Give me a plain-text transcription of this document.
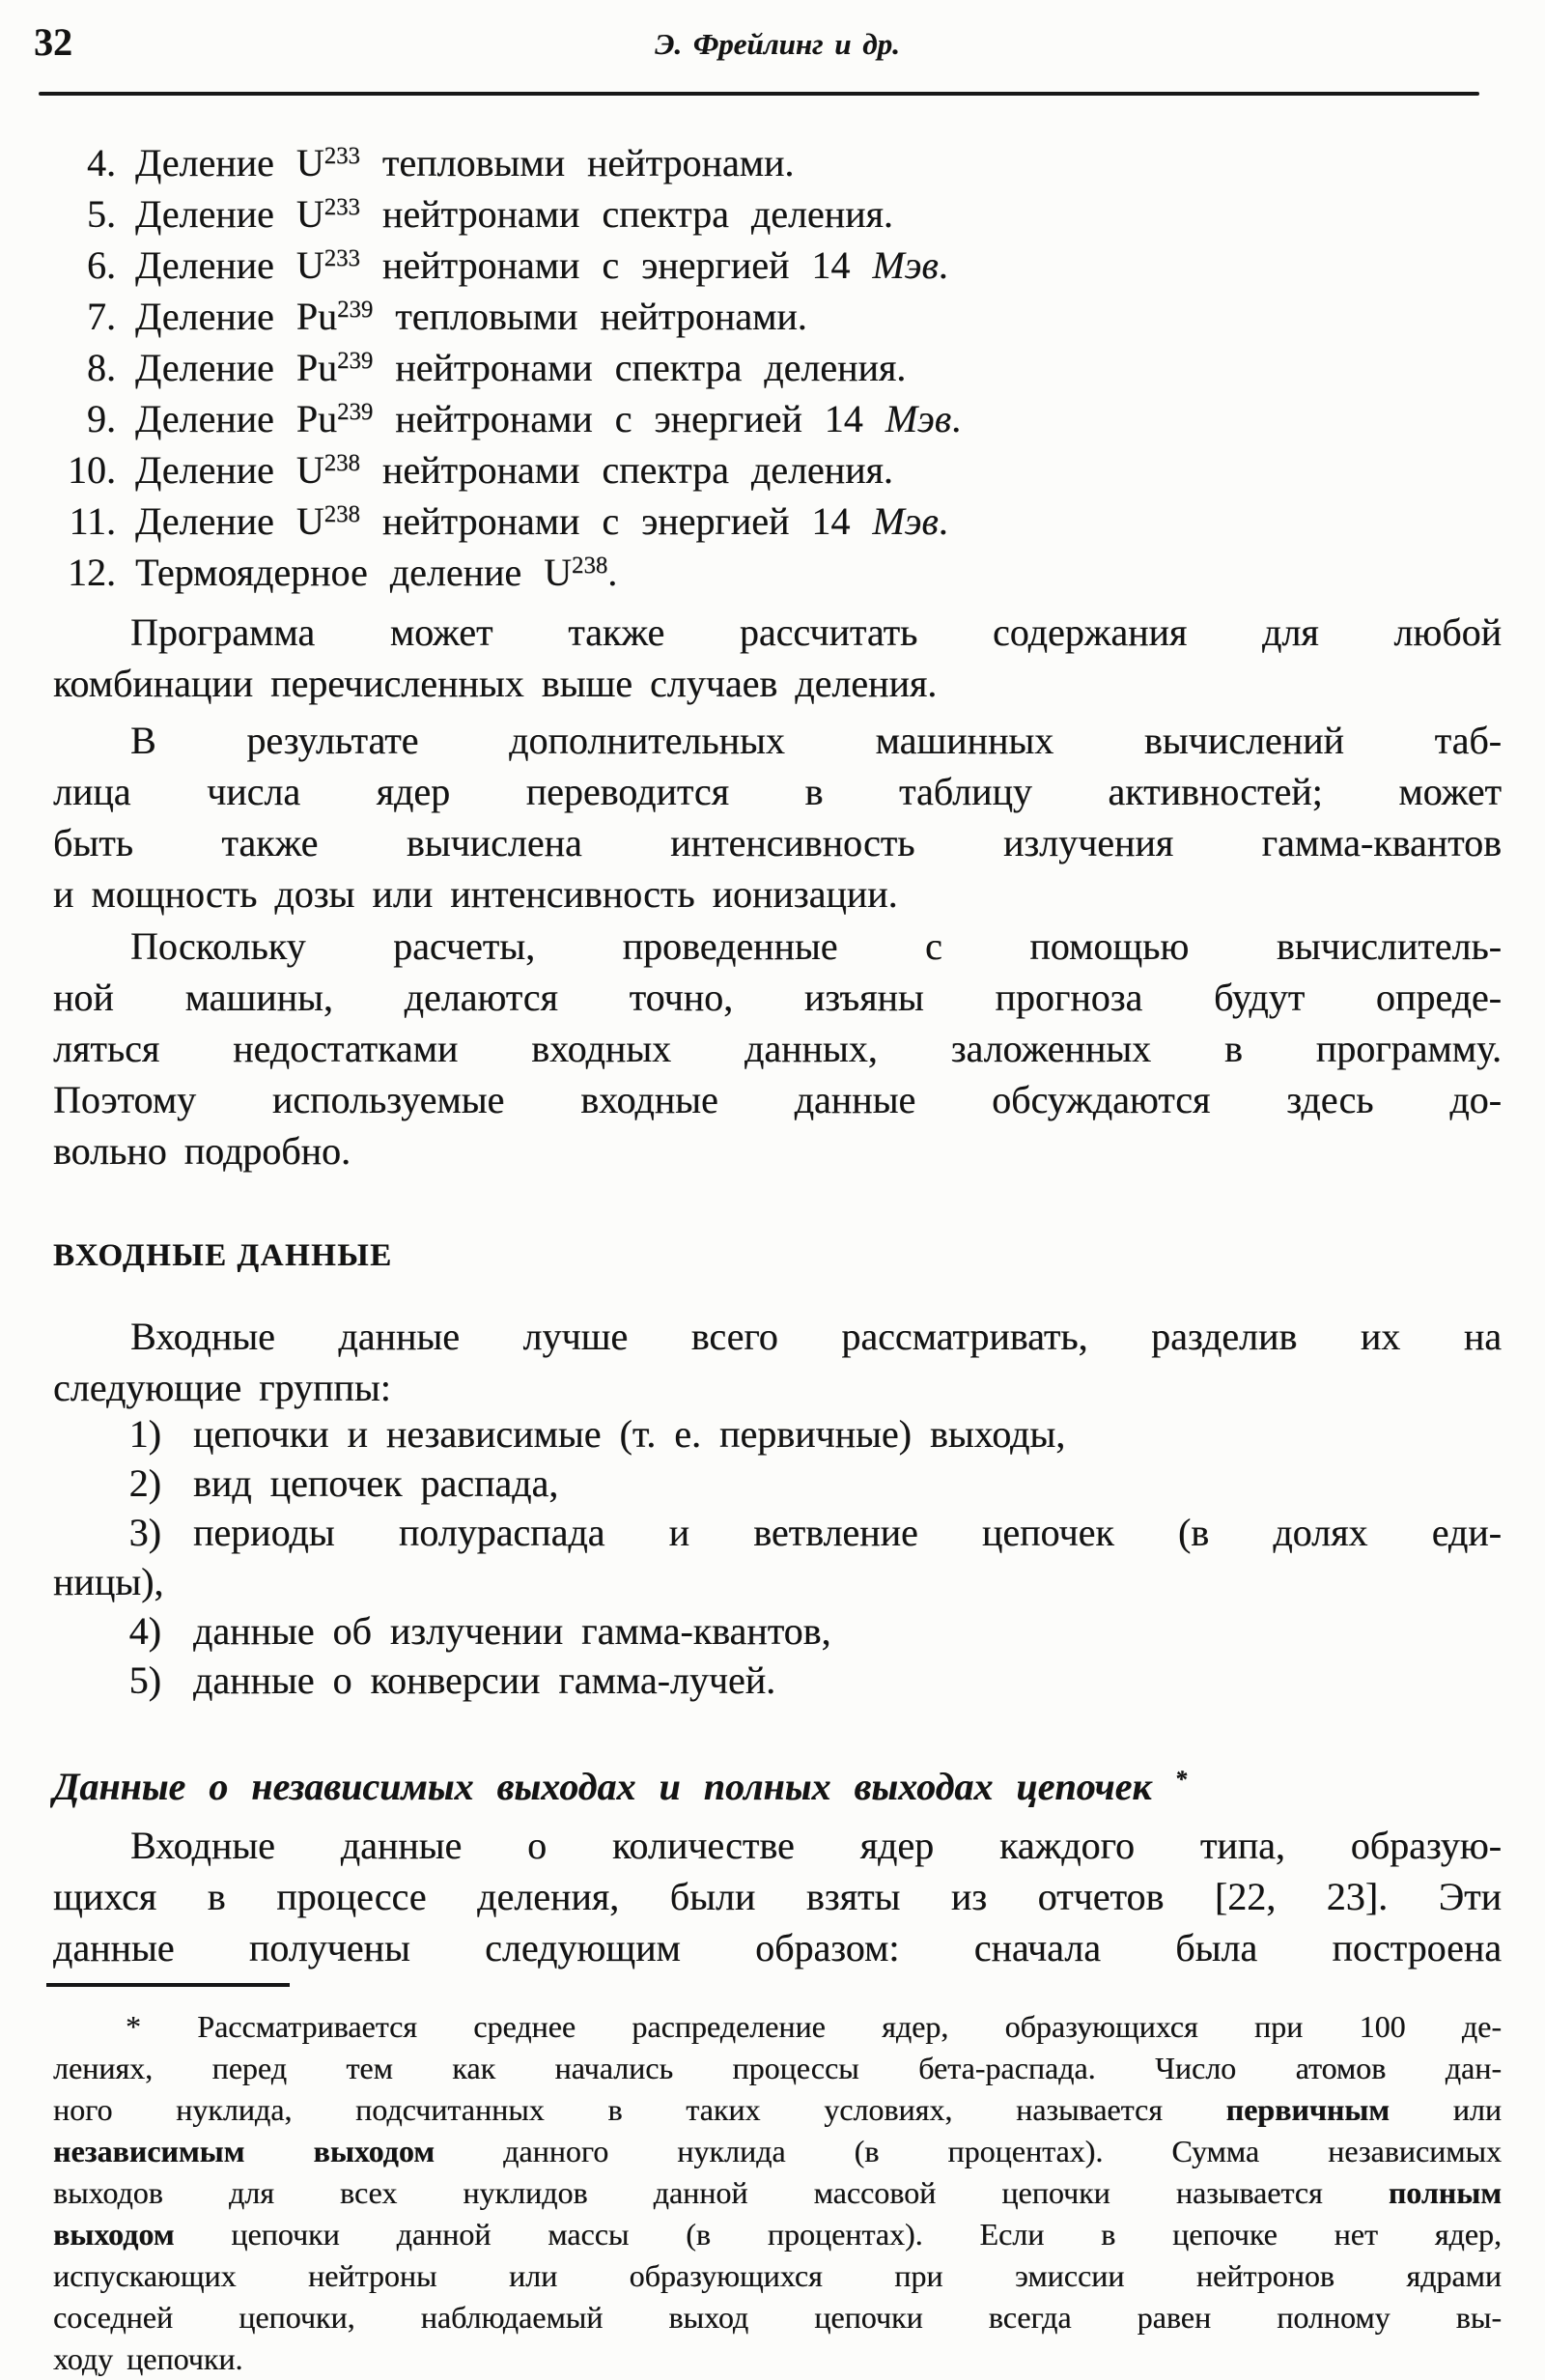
32	Э. Фрейлинг и др.
4. Деление $U^{233}$ тепловыми нейтронами.
5. Деление $U^{233}$ нейтронами спектра деления.
6. Деление $U^{233}$ нейтронами с энергией 14 Мэв.
7. Деление Pu$^{239}$ тепловыми нейтронами.
8. Деление Pu$^{239}$ нейтронами спектра деления.
9. Деление Pu$^{239}$ нейтронами с энергией 14 Мэв.
10. Деление $U^{238}$ нейтронами спектра деления.
11. Деление $U^{238}$ нейтронами с энергией 14 Мэв.
12. Термоядерное деление $U^{238}$.
Программа может также рассчитать содержания для любой
комбинации перечисленных выше случаев деления.
В результате дополнительных машинных вычислений таб-
лица числа ядер переводится в таблицу активностей; может
быть также вычислена интенсивность излучения гамма-квантов
и мощность дозы или интенсивность ионизации.
Поскольку расчеты, проведенные с помощью вычислитель-
ной машины, делаются точно, изъяны прогноза будут опреде-
ляться недостатками входных данных, заложенных в программу.
Поэтому используемые входные данные обсуждаются здесь до-
вольно подробно.
ВХОДНЫЕ ДАННЫЕ
Входные данные лучше всего рассматривать, разделив их на
следующие группы:
1) цепочки и независимые (т. е. первичные) выходы,
2) вид цепочек распада,
3) периоды полураспада и ветвление цепочек (в долях еди-
ницы),
4) данные об излучении гамма-квантов,
5) данные о конверсии гамма-лучей.
Данные о независимых выходах и полных выходах цепочек *
Входные данные о количестве ядер каждого типа, образую-
щихся в процессе деления, были взяты из отчетов [22, 23]. Эти
данные получены следующим образом: сначала была построена
* Рассматривается среднее распределение ядер, образующихся при 100 де-
лениях, перед тем как начались процессы бета-распада. Число атомов дан-
ного нуклида, подсчитанных в таких условиях, называется первичным или
независимым выходом данного нуклида (в процентах). Сумма независимых
выходов для всех нуклидов данной массовой цепочки называется полным
выходом цепочки данной массы (в процентах). Если в цепочке нет ядер,
испускающих нейтроны или образующихся при эмиссии нейтронов ядрами
соседней цепочки, наблюдаемый выход цепочки всегда равен полному вы-
ходу цепочки.
